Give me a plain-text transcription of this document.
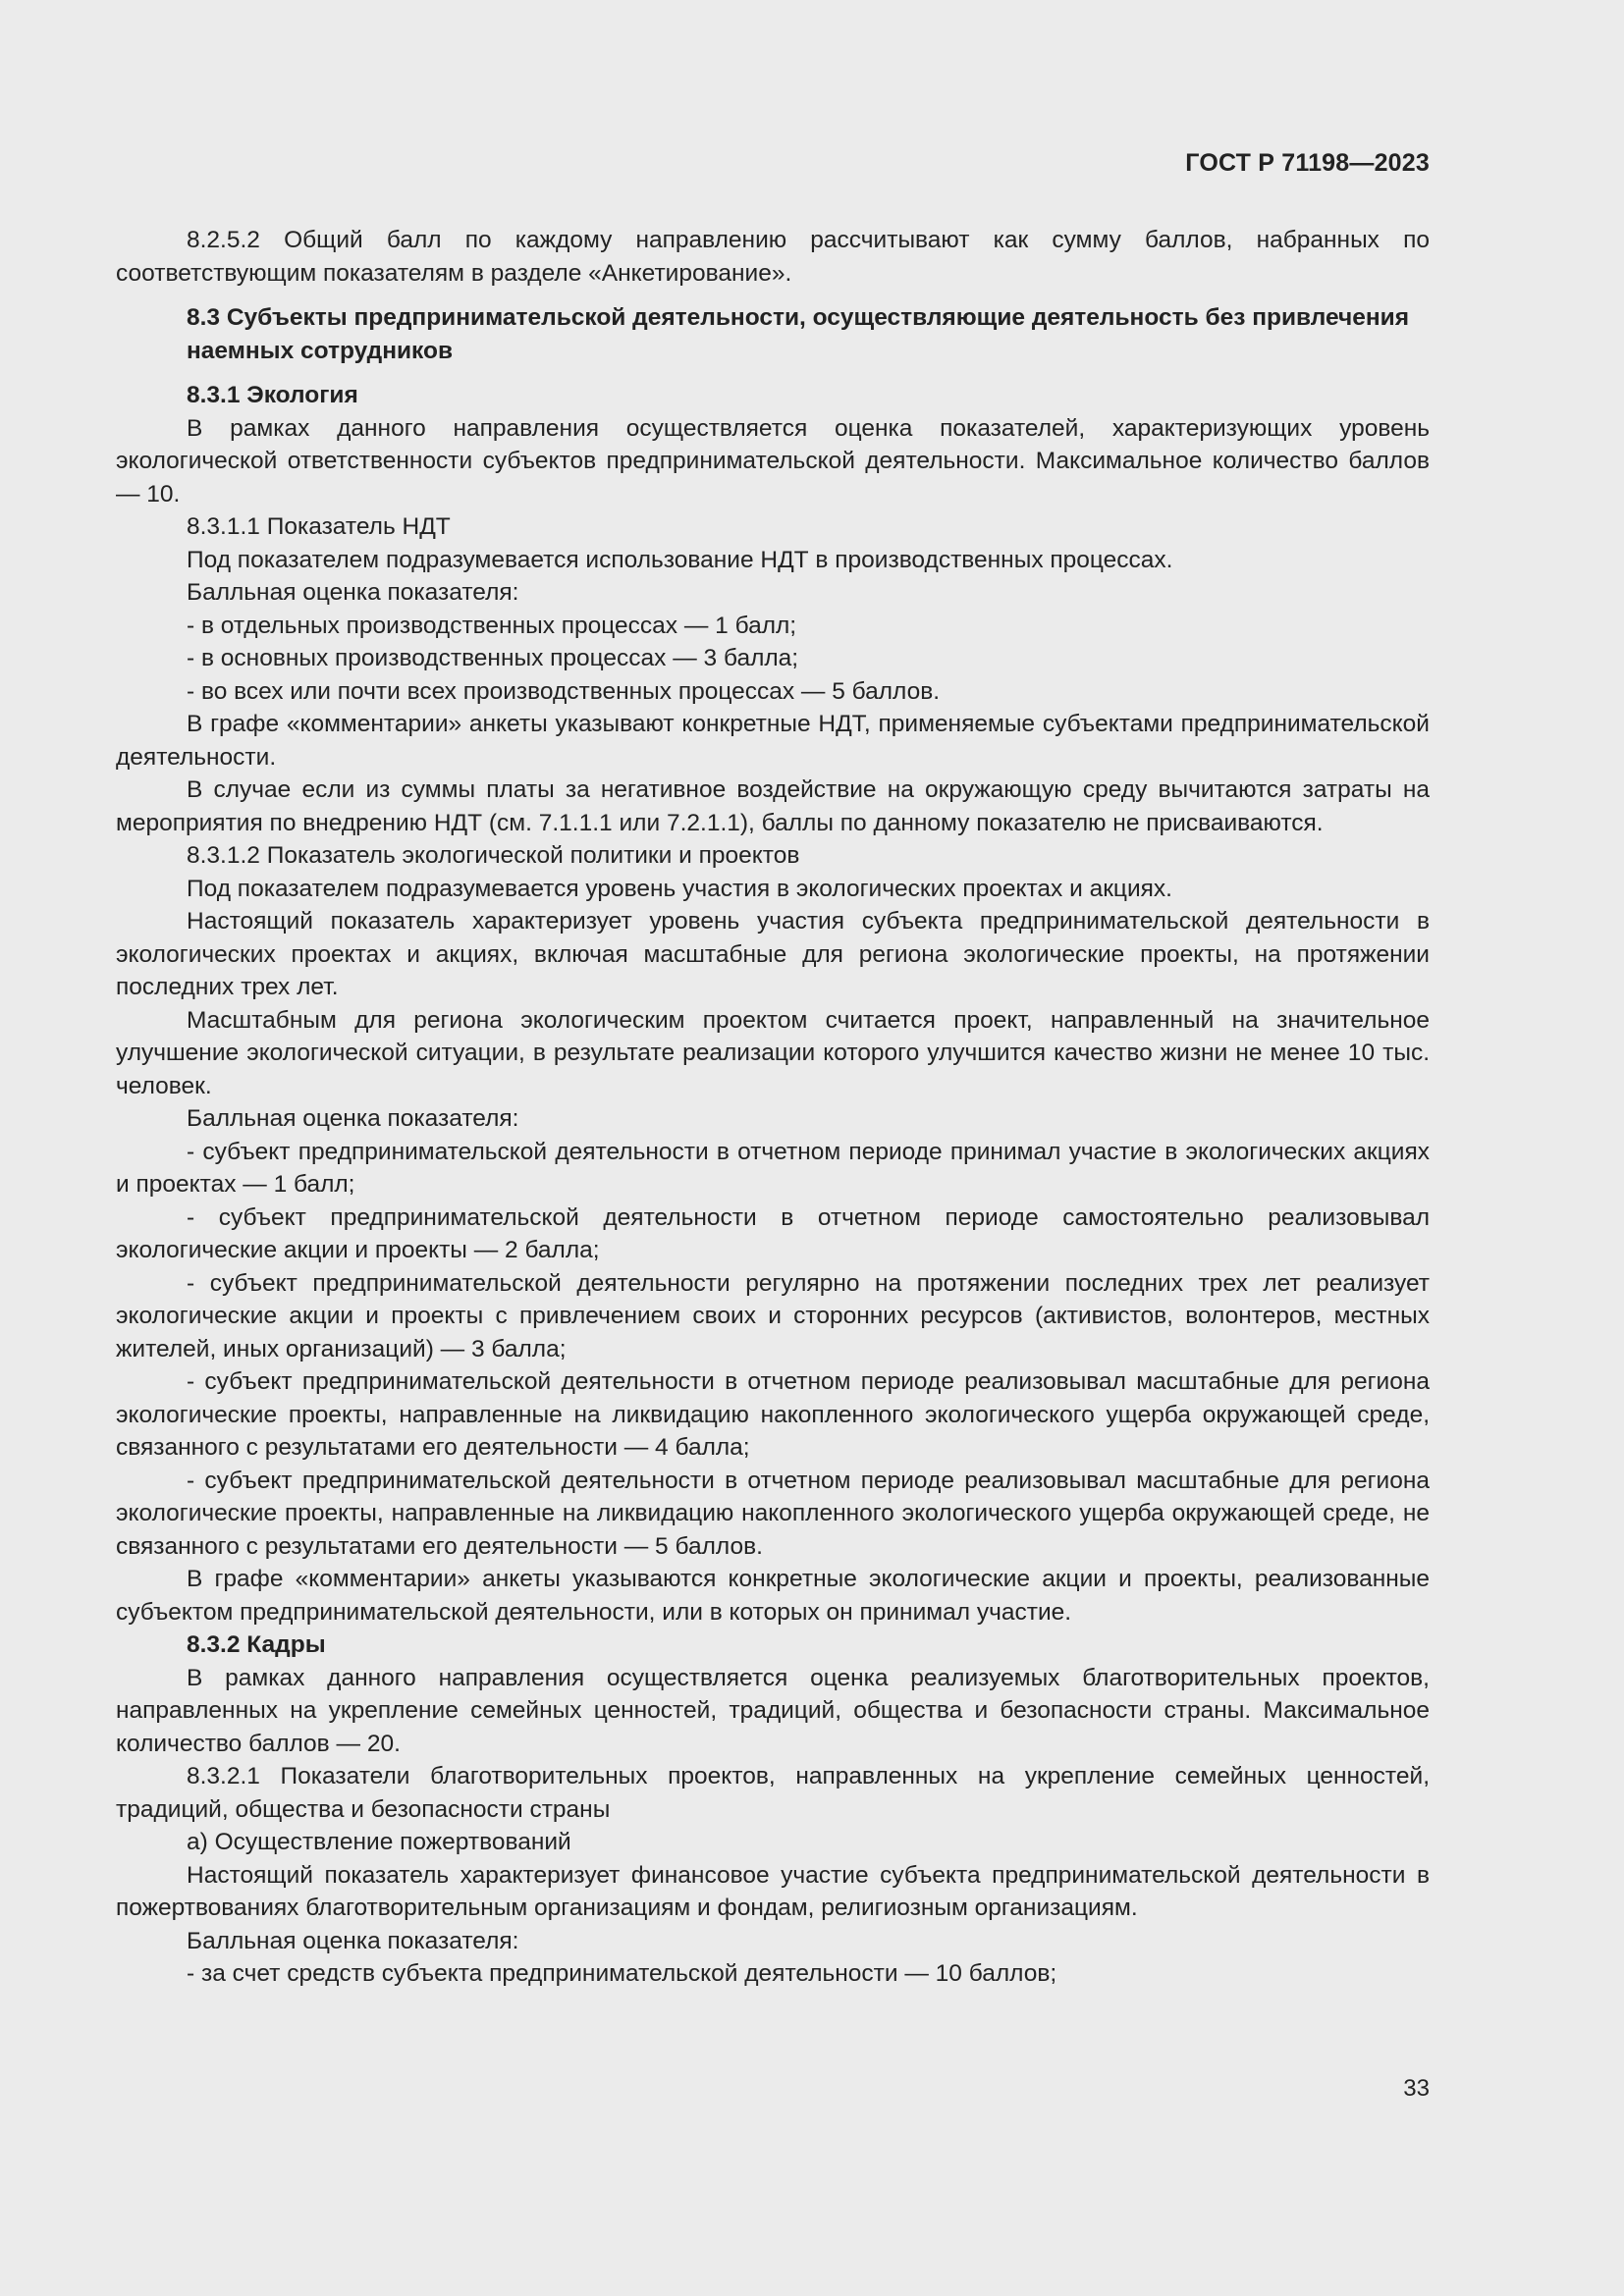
ГОСТ Р 71198—2023

8.2.5.2 Общий балл по каждому направлению рассчитывают как сумму баллов, набранных по соответствующим показателям в разделе «Анкетирование».

8.3 Субъекты предпринимательской деятельности, осуществляющие деятельность без привлечения наемных сотрудников

8.3.1 Экология

В рамках данного направления осуществляется оценка показателей, характеризующих уровень экологической ответственности субъектов предпринимательской деятельности. Максимальное количество баллов — 10.

8.3.1.1 Показатель НДТ

Под показателем подразумевается использование НДТ в производственных процессах.

Балльная оценка показателя:

- в отдельных производственных процессах — 1 балл;

- в основных производственных процессах — 3 балла;

- во всех или почти всех производственных процессах — 5 баллов.

В графе «комментарии» анкеты указывают конкретные НДТ, применяемые субъектами предпринимательской деятельности.

В случае если из суммы платы за негативное воздействие на окружающую среду вычитаются затраты на мероприятия по внедрению НДТ (см. 7.1.1.1 или 7.2.1.1), баллы по данному показателю не присваиваются.

8.3.1.2 Показатель экологической политики и проектов

Под показателем подразумевается уровень участия в экологических проектах и акциях.

Настоящий показатель характеризует уровень участия субъекта предпринимательской деятельности в экологических проектах и акциях, включая масштабные для региона экологические проекты, на протяжении последних трех лет.

Масштабным для региона экологическим проектом считается проект, направленный на значительное улучшение экологической ситуации, в результате реализации которого улучшится качество жизни не менее 10 тыс. человек.

Балльная оценка показателя:

- субъект предпринимательской деятельности в отчетном периоде принимал участие в экологических акциях и проектах — 1 балл;

- субъект предпринимательской деятельности в отчетном периоде самостоятельно реализовывал экологические акции и проекты — 2 балла;

- субъект предпринимательской деятельности регулярно на протяжении последних трех лет реализует экологические акции и проекты с привлечением своих и сторонних ресурсов (активистов, волонтеров, местных жителей, иных организаций) — 3 балла;

- субъект предпринимательской деятельности в отчетном периоде реализовывал масштабные для региона экологические проекты, направленные на ликвидацию накопленного экологического ущерба окружающей среде, связанного с результатами его деятельности — 4 балла;

- субъект предпринимательской деятельности в отчетном периоде реализовывал масштабные для региона экологические проекты, направленные на ликвидацию накопленного экологического ущерба окружающей среде, не связанного с результатами его деятельности — 5 баллов.

В графе «комментарии» анкеты указываются конкретные экологические акции и проекты, реализованные субъектом предпринимательской деятельности, или в которых он принимал участие.

8.3.2 Кадры

В рамках данного направления осуществляется оценка реализуемых благотворительных проектов, направленных на укрепление семейных ценностей, традиций, общества и безопасности страны. Максимальное количество баллов — 20.

8.3.2.1 Показатели благотворительных проектов, направленных на укрепление семейных ценностей, традиций, общества и безопасности страны

а) Осуществление пожертвований

Настоящий показатель характеризует финансовое участие субъекта предпринимательской деятельности в пожертвованиях благотворительным организациям и фондам, религиозным организациям.

Балльная оценка показателя:

- за счет средств субъекта предпринимательской деятельности — 10 баллов;

33
